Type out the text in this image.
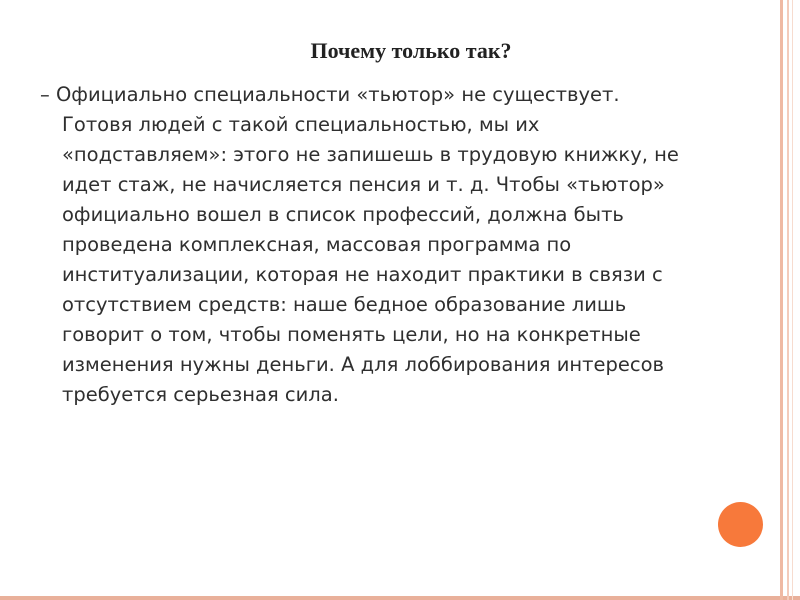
Почему только так?
– Официально специальности «тьютор» не существует.
Готовя людей с такой специальностью, мы их
«подставляем»: этого не запишешь в трудовую книжку, не
идет стаж, не начисляется пенсия и т. д. Чтобы «тьютор»
официально вошел в список профессий, должна быть
проведена комплексная, массовая программа по
институализации, которая не находит практики в связи с
отсутствием средств: наше бедное образование лишь
говорит о том, чтобы поменять цели, но на конкретные
изменения нужны деньги. А для лоббирования интересов
требуется серьезная сила.
